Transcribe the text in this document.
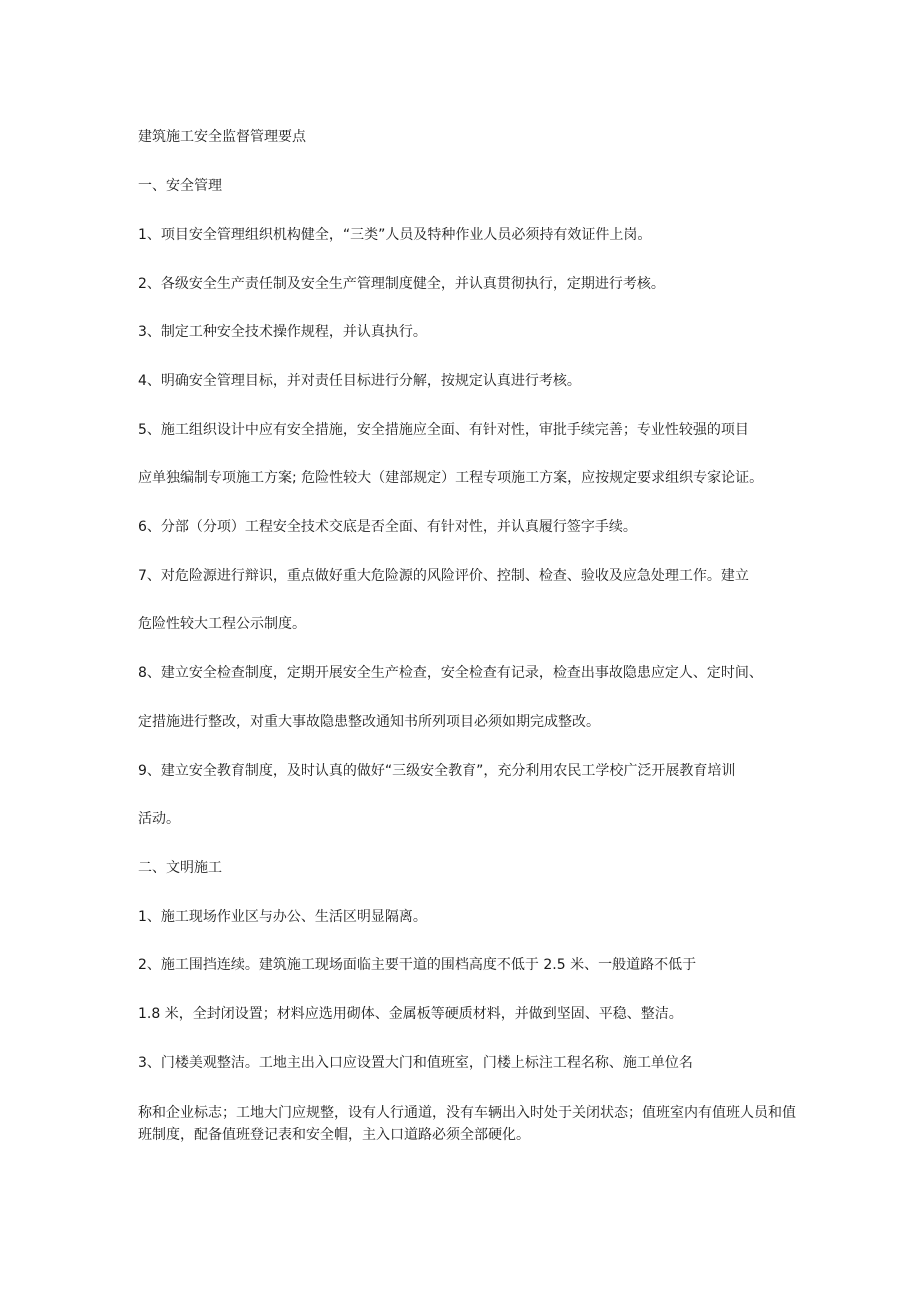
建筑施工安全监督管理要点
一、安全管理
1、项目安全管理组织机构健全，“三类”人员及特种作业人员必须持有效证件上岗。
2、各级安全生产责任制及安全生产管理制度健全，并认真贯彻执行，定期进行考核。
3、制定工种安全技术操作规程，并认真执行。
4、明确安全管理目标，并对责任目标进行分解，按规定认真进行考核。
5、施工组织设计中应有安全措施，安全措施应全面、有针对性，审批手续完善；专业性较强的项目
应单独编制专项施工方案; 危险性较大（建部规定）工程专项施工方案，应按规定要求组织专家论证。
6、分部（分项）工程安全技术交底是否全面、有针对性，并认真履行签字手续。
7、对危险源进行辩识，重点做好重大危险源的风险评价、控制、检查、验收及应急处理工作。建立
危险性较大工程公示制度。
8、建立安全检查制度，定期开展安全生产检查，安全检查有记录，检查出事故隐患应定人、定时间、
定措施进行整改，对重大事故隐患整改通知书所列项目必须如期完成整改。
9、建立安全教育制度，及时认真的做好“三级安全教育”，充分利用农民工学校广泛开展教育培训
活动。
二、文明施工
1、施工现场作业区与办公、生活区明显隔离。
2、施工围挡连续。建筑施工现场面临主要干道的围档高度不低于 2.5 米、一般道路不低于
1.8 米，全封闭设置；材料应选用砌体、金属板等硬质材料，并做到坚固、平稳、整洁。
3、门楼美观整洁。工地主出入口应设置大门和值班室，门楼上标注工程名称、施工单位名
称和企业标志；工地大门应规整，设有人行通道，没有车辆出入时处于关闭状态；值班室内有值班人员和值班制度，配备值班登记表和安全帽，主入口道路必须全部硬化。
